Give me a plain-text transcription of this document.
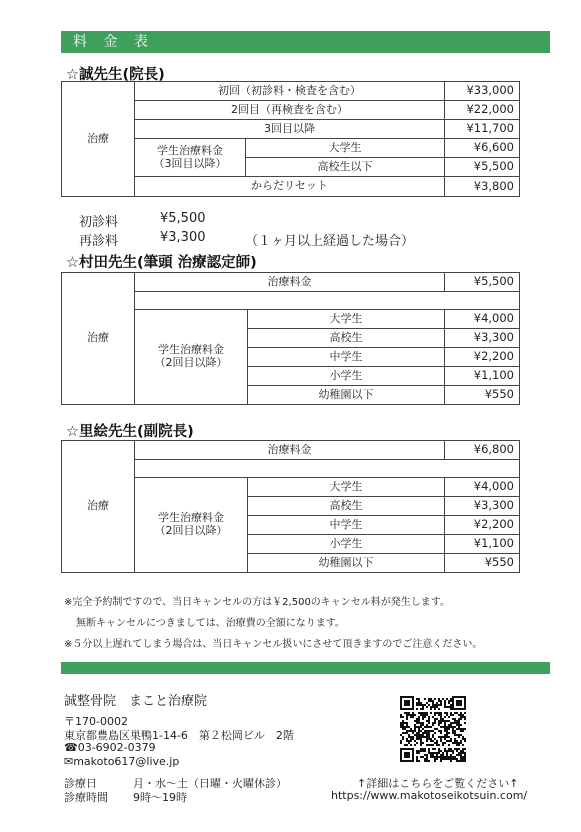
料 金 表
☆誠先生(院長)
治療	初回（初診料・検査を含む）		¥33,000
	2回目（再検査を含む）		¥22,000
	3回目以降		¥11,700

	学生治療料金
（3回目以降）	大学生	¥6,600
		高校生以下	¥5,500
	からだリセット		¥3,800
初診料	¥5,500
再診料	¥3,300	（１ヶ月以上経過した場合）
☆村田先生(筆頭 治療認定師)
治療	治療料金		¥5,500

	学生治療料金
（2回目以降）	大学生	¥4,000
		高校生	¥3,300
		中学生	¥2,200
		小学生	¥1,100
		幼稚園以下	¥550
☆里絵先生(副院長)
治療	治療料金		¥6,800

	学生治療料金
（2回目以降）	大学生	¥4,000
		高校生	¥3,300
		中学生	¥2,200
		小学生	¥1,100
		幼稚園以下	¥550
※完全予約制ですので、当日キャンセルの方は￥2,500のキャンセル料が発生します。
無断キャンセルにつきましては、治療費の全額になります。
※５分以上遅れてしまう場合は、当日キャンセル扱いにさせて頂きますのでご注意ください。
誠整骨院　まこと治療院
〒170-0002
東京都豊島区巣鴨1-14-6　第２松岡ビル　2階
☎03-6902-0379
✉makoto617@live.jp
診療日	月・水〜土（日曜・火曜休診）
診療時間 9時〜19時
↑詳細はこちらをご覧ください↑
https://www.makotoseikotsuin.com/
